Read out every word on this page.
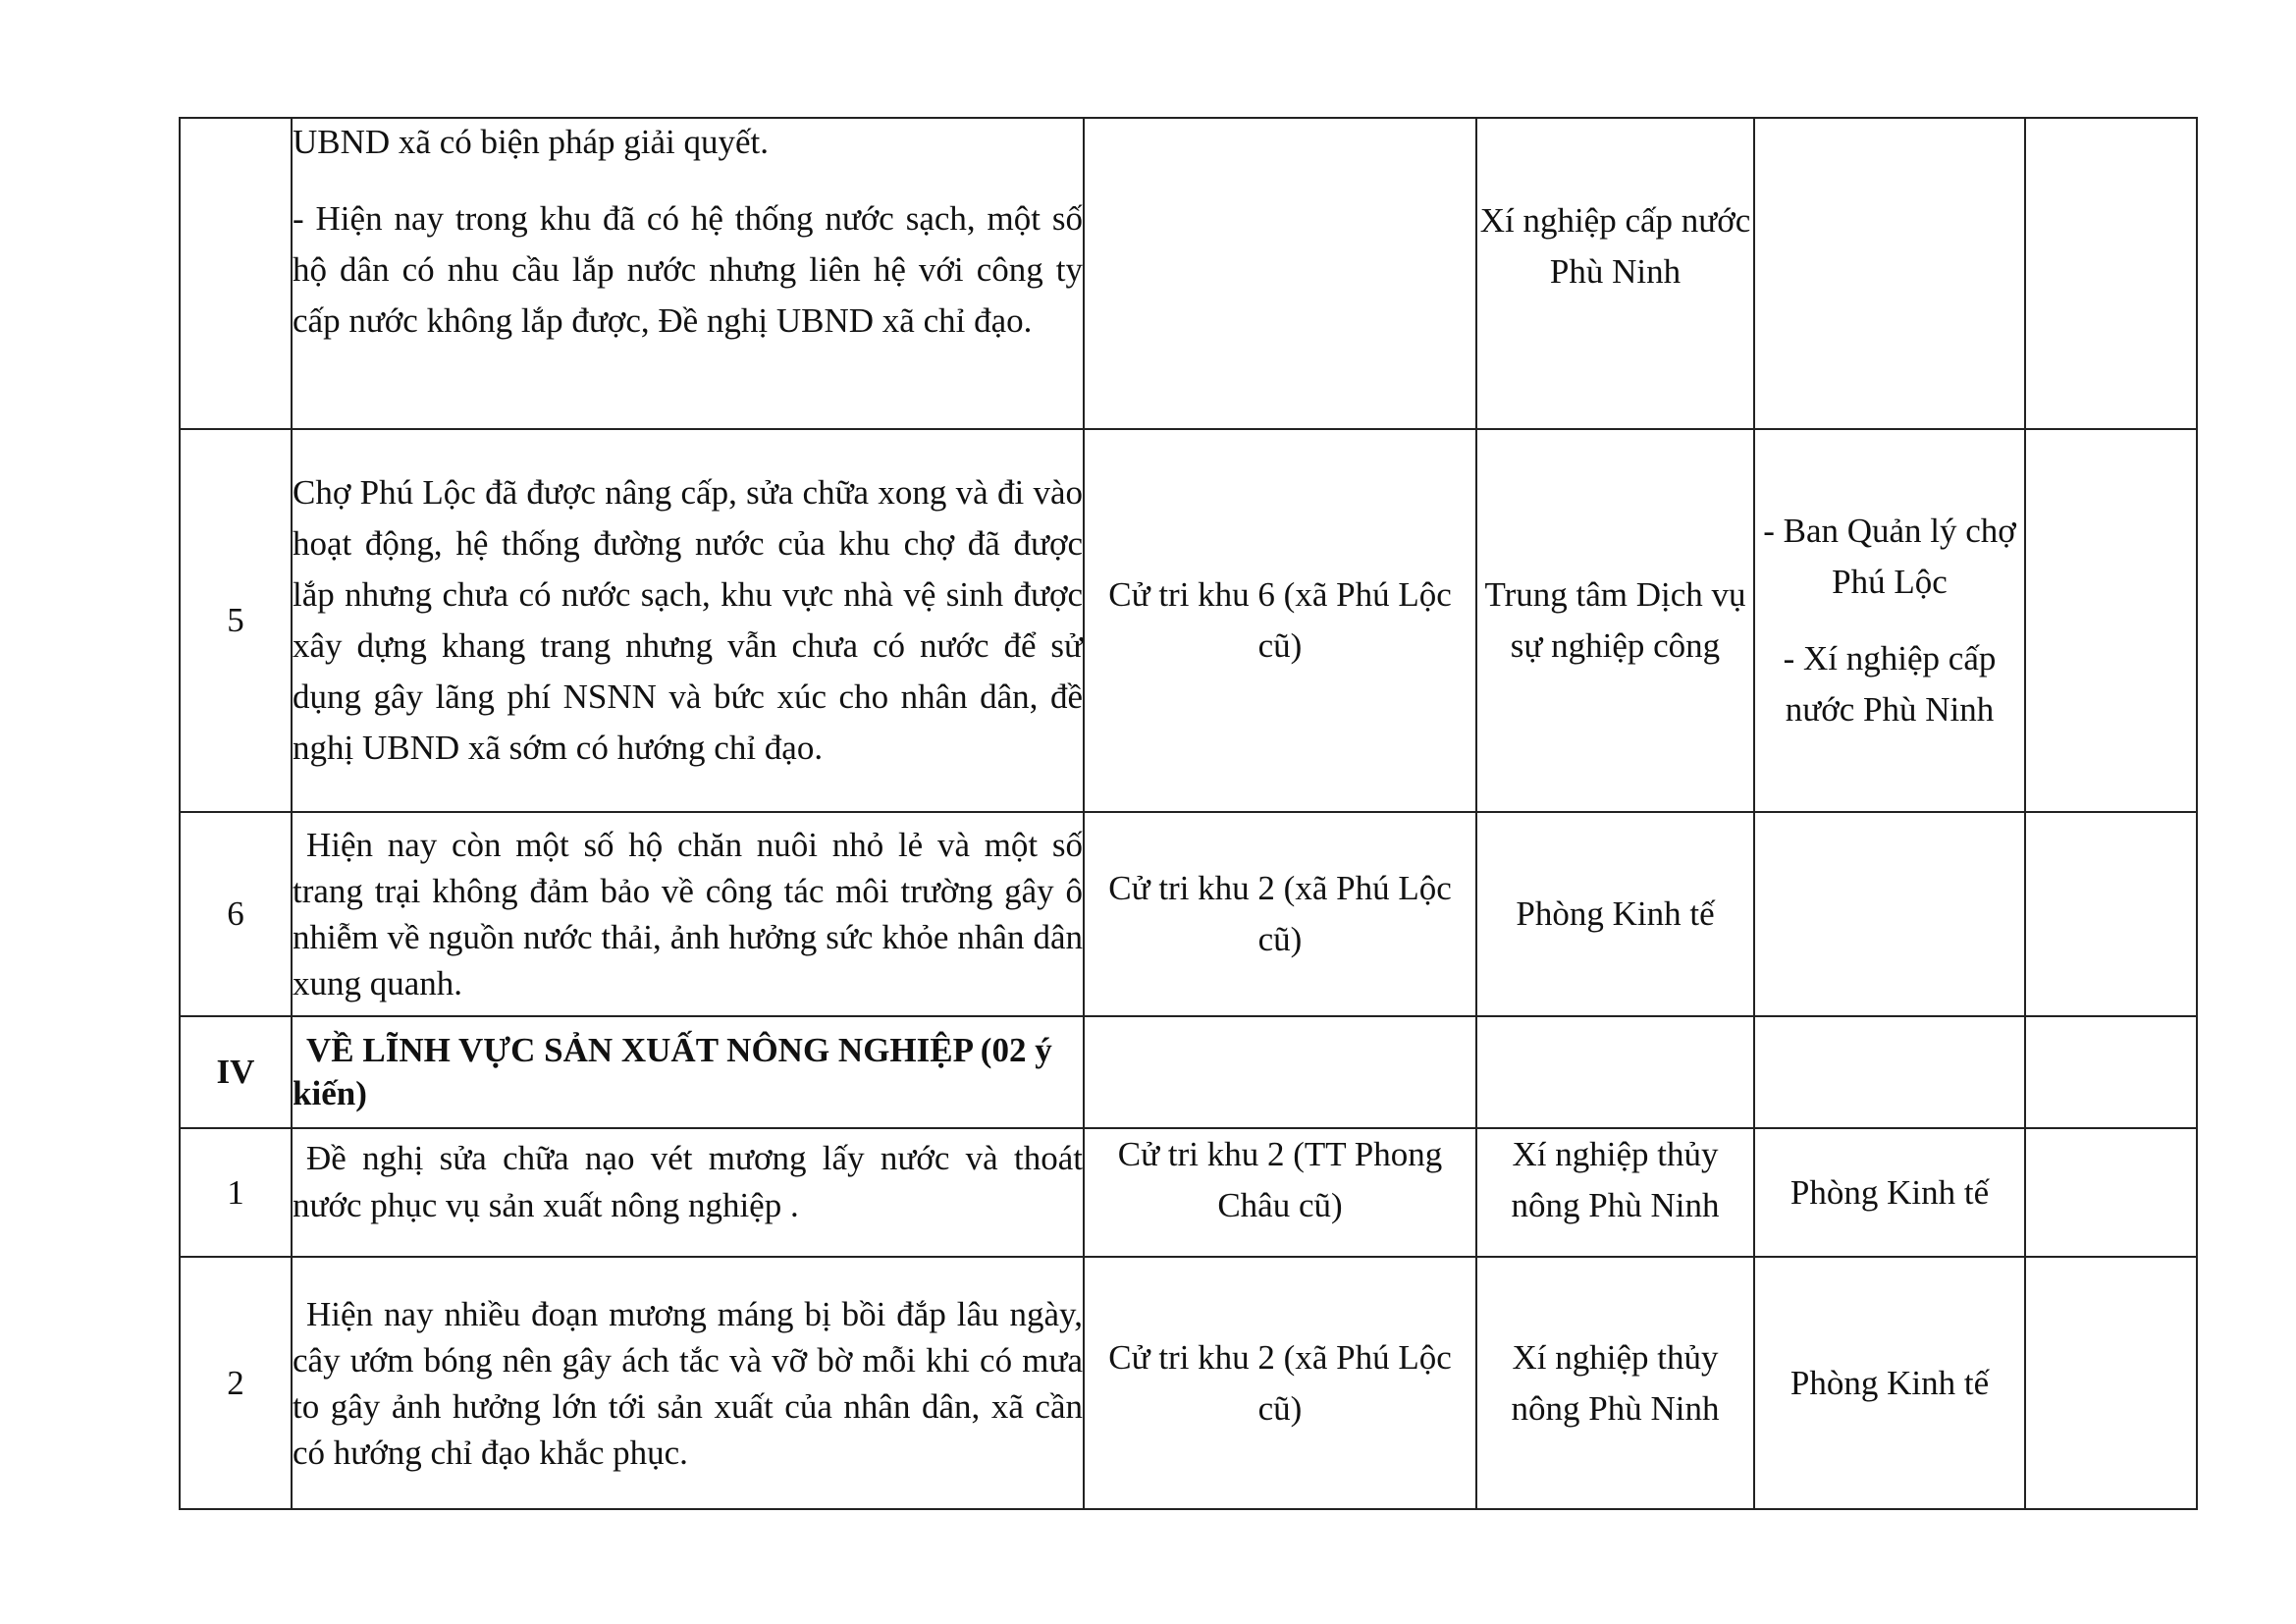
	UBND xã có biện pháp giải quyết.

- Hiện nay trong khu đã có hệ thống nước sạch, một số hộ dân có nhu cầu lắp nước nhưng liên hệ với công ty cấp nước không lắp được, Đề nghị UBND xã chỉ đạo.		Xí nghiệp cấp nước Phù Ninh		
5	Chợ Phú Lộc đã được nâng cấp, sửa chữa xong và đi vào hoạt động, hệ thống đường nước của khu chợ đã được lắp nhưng chưa có nước sạch, khu vực nhà vệ sinh được xây dựng khang trang nhưng vẫn chưa có nước để sử dụng gây lãng phí NSNN và bức xúc cho nhân dân, đề nghị UBND xã sớm có hướng chỉ đạo.	Cử tri khu 6 (xã Phú Lộc cũ)	Trung tâm Dịch vụ sự nghiệp công	- Ban Quản lý chợ Phú Lộc

- Xí nghiệp cấp nước Phù Ninh	

6	Hiện nay còn một số hộ chăn nuôi nhỏ lẻ và một số trang trại không đảm bảo về công tác môi trường gây ô nhiễm về nguồn nước thải, ảnh hưởng sức khỏe nhân dân xung quanh.	Cử tri khu 2 (xã Phú Lộc cũ)	Phòng Kinh tế		
IV	VỀ LĨNH VỰC SẢN XUẤT NÔNG NGHIỆP (02 ý kiến)				

1	Đề nghị sửa chữa nạo vét mương lấy nước và thoát nước phục vụ sản xuất nông nghiệp .	Cử tri khu 2 (TT Phong Châu cũ)	Xí nghiệp thủy nông Phù Ninh	Phòng Kinh tế	

2	Hiện nay nhiều đoạn mương máng bị bồi đắp lâu ngày, cây ướm bóng nên gây ách tắc và vỡ bờ mỗi khi có mưa to gây ảnh hưởng lớn tới sản xuất của nhân dân, xã cần có hướng chỉ đạo khắc phục.	Cử tri khu 2 (xã Phú Lộc cũ)	Xí nghiệp thủy nông Phù Ninh	Phòng Kinh tế	
